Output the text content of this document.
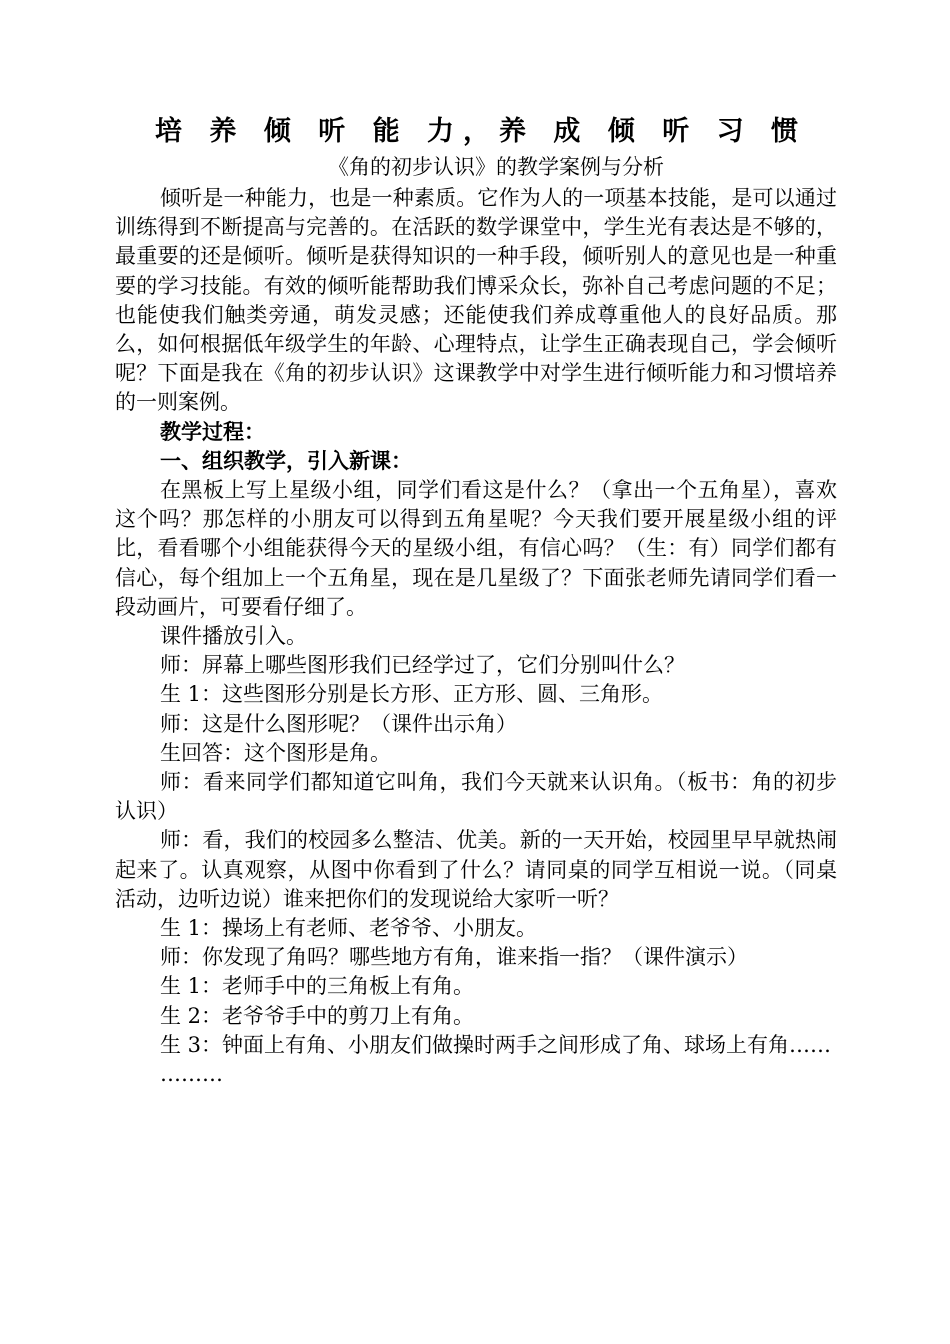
培 养 倾 听 能 力，养 成 倾 听 习 惯
《角的初步认识》的教学案例与分析

倾听是一种能力，也是一种素质。它作为人的一项基本技能，是可以通过训练得到不断提高与完善的。在活跃的数学课堂中，学生光有表达是不够的，最重要的还是倾听。倾听是获得知识的一种手段，倾听别人的意见也是一种重要的学习技能。有效的倾听能帮助我们博采众长，弥补自己考虑问题的不足；也能使我们触类旁通，萌发灵感；还能使我们养成尊重他人的良好品质。那么，如何根据低年级学生的年龄、心理特点，让学生正确表现自己，学会倾听呢？下面是我在《角的初步认识》这课教学中对学生进行倾听能力和习惯培养的一则案例。

教学过程：

一、组织教学，引入新课：

在黑板上写上星级小组，同学们看这是什么？（拿出一个五角星），喜欢这个吗？那怎样的小朋友可以得到五角星呢？今天我们要开展星级小组的评比，看看哪个小组能获得今天的星级小组，有信心吗？（生：有）同学们都有信心，每个组加上一个五角星，现在是几星级了？下面张老师先请同学们看一段动画片，可要看仔细了。

课件播放引入。

师：屏幕上哪些图形我们已经学过了，它们分别叫什么？

生 1：这些图形分别是长方形、正方形、圆、三角形。

师：这是什么图形呢？（课件出示角）

生回答：这个图形是角。

师：看来同学们都知道它叫角，我们今天就来认识角。（板书：角的初步认识）

师：看，我们的校园多么整洁、优美。新的一天开始，校园里早早就热闹起来了。认真观察，从图中你看到了什么？请同桌的同学互相说一说。（同桌活动，边听边说）谁来把你们的发现说给大家听一听？

生 1：操场上有老师、老爷爷、小朋友。

师：你发现了角吗？哪些地方有角，谁来指一指？（课件演示）

生 1：老师手中的三角板上有角。

生 2：老爷爷手中的剪刀上有角。

生 3：钟面上有角、小朋友们做操时两手之间形成了角、球场上有角……

………
